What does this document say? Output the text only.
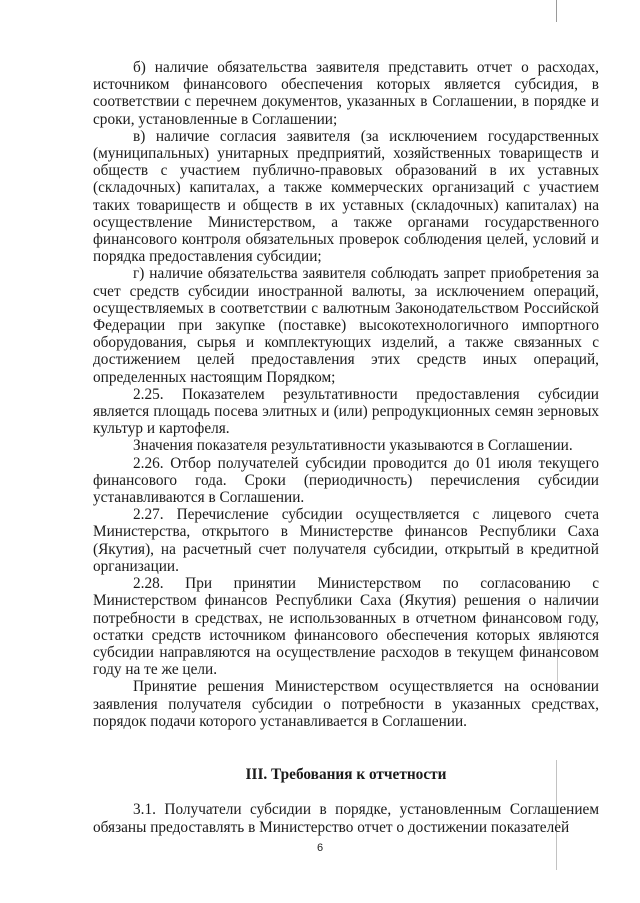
б) наличие обязательства заявителя представить отчет о расходах, источником финансового обеспечения которых является субсидия, в соответствии с перечнем документов, указанных в Соглашении, в порядке и сроки, установленные в Соглашении;

в) наличие согласия заявителя (за исключением государственных (муниципальных) унитарных предприятий, хозяйственных товариществ и обществ с участием публично-правовых образований в их уставных (складочных) капиталах, а также коммерческих организаций с участием таких товариществ и обществ в их уставных (складочных) капиталах) на осуществление Министерством, а также органами государственного финансового контроля обязательных проверок соблюдения целей, условий и порядка предоставления субсидии;

г) наличие обязательства заявителя соблюдать запрет приобретения за счет средств субсидии иностранной валюты, за исключением операций, осуществляемых в соответствии с валютным Законодательством Российской Федерации при закупке (поставке) высокотехнологичного импортного оборудования, сырья и комплектующих изделий, а также связанных с достижением целей предоставления этих средств иных операций, определенных настоящим Порядком;

2.25. Показателем результативности предоставления субсидии является площадь посева элитных и (или) репродукционных семян зерновых культур и картофеля.

Значения показателя результативности указываются в Соглашении.

2.26. Отбор получателей субсидии проводится до 01 июля текущего финансового года. Сроки (периодичность) перечисления субсидии устанавливаются в Соглашении.

2.27. Перечисление субсидии осуществляется с лицевого счета Министерства, открытого в Министерстве финансов Республики Саха (Якутия), на расчетный счет получателя субсидии, открытый в кредитной организации.

2.28. При принятии Министерством по согласованию с Министерством финансов Республики Саха (Якутия) решения о наличии потребности в средствах, не использованных в отчетном финансовом году, остатки средств источником финансового обеспечения которых являются субсидии направляются на осуществление расходов в текущем финансовом году на те же цели.

Принятие решения Министерством осуществляется на основании заявления получателя субсидии о потребности в указанных средствах, порядок подачи которого устанавливается в Соглашении.

III. Требования к отчетности

3.1. Получатели субсидии в порядке, установленным Соглашением обязаны предоставлять в Министерство отчет о достижении показателей

6
